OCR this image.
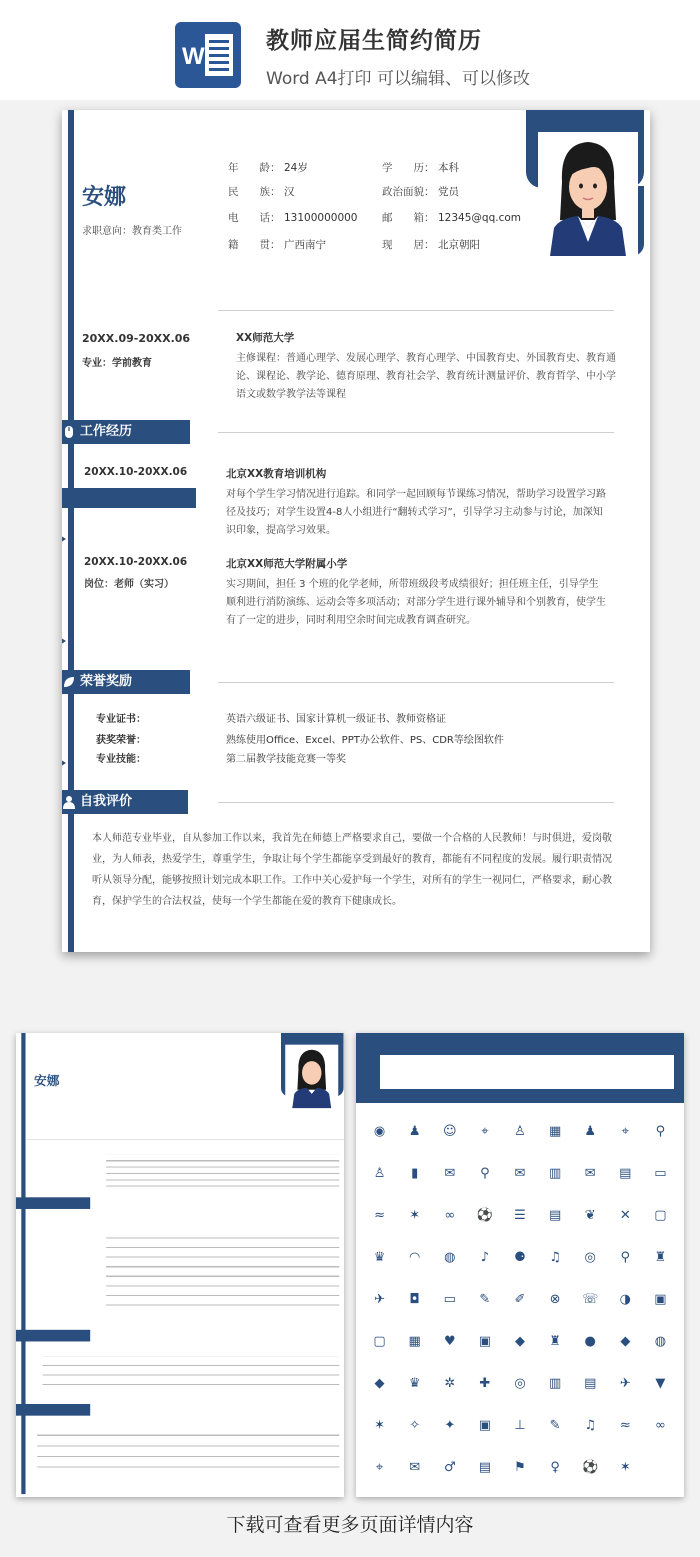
W
教师应届生简约简历
Word A4打印 可以编辑、可以修改
安娜
求职意向：教育类工作
年　　龄： 24岁	学　　历： 本科
民　　族： 汉	政治面貌： 党员
电　　话： 13100000000 邮　　箱： 12345@qq.com
籍　　贯： 广西南宁	现　　居： 北京朝阳
20XX.09-20XX.06
专业：学前教育
XX师范大学
主修课程：普通心理学、发展心理学、教育心理学、中国教育史、外国教育史、教育通论、课程论、教学论、德育原理、教育社会学、教育统计测量评价、教育哲学、中小学语文或数学教学法等课程
工作经历
20XX.10-20XX.06	北京XX教育培训机构
对每个学生学习情况进行追踪。和同学一起回顾每节课练习情况，帮助学习设置学习路径及技巧；对学生设置4-8人小组进行“翻转式学习”，引导学习主动参与讨论，加深知识印象，提高学习效果。
20XX.10-20XX.06
岗位：老师（实习）
北京XX师范大学附属小学
实习期间，担任 3 个班的化学老师，所带班级段考成绩很好；担任班主任，引导学生 顺利进行消防演练、运动会等多项活动；对部分学生进行课外辅导和个别教育，使学生有了一定的进步，同时利用空余时间完成教育调查研究。
荣誉奖励
专业证书：	英语六级证书、国家计算机一级证书、教师资格证
获奖荣誉：	熟练使用Office、Excel、PPT办公软件、PS、CDR等绘图软件
专业技能：	第二届教学技能竞赛一等奖
自我评价
本人师范专业毕业，自从参加工作以来，我首先在师德上严格要求自己，要做一个合格的人民教师！与时俱进，爱岗敬业，为人师表，热爱学生，尊重学生，争取让每个学生都能享受到最好的教育，都能有不同程度的发展。履行职责情况 听从领导分配，能够按照计划完成本职工作。工作中关心爱护每一个学生，对所有的学生一视同仁，严格要求，耐心教育，保护学生的合法权益，使每一个学生都能在爱的教育下健康成长。
安娜
◉	♟	☺	⌖	♙	▦	♟	⌖	⚲
♙	▮	✉	⚲	✉	▥	✉	▤	▭
≈	✶	∞	⚽	☰	▤	❦	✕	▢
♛	◠	◍	♪	⚈	♫	◎	⚲	♜
✈	◘	▭	✎	✐	⊗	☏	◑	▣
▢	▦	♥	▣	◆	♜	●	◆	◍
◆	♛	✲	✚	◎	▥	▤	✈	▼
✶	✧	✦	▣	⊥	✎	♫	≈	∞
⌖	✉	♂	▤	⚑	♀	⚽	✶
下载可查看更多页面详情内容
